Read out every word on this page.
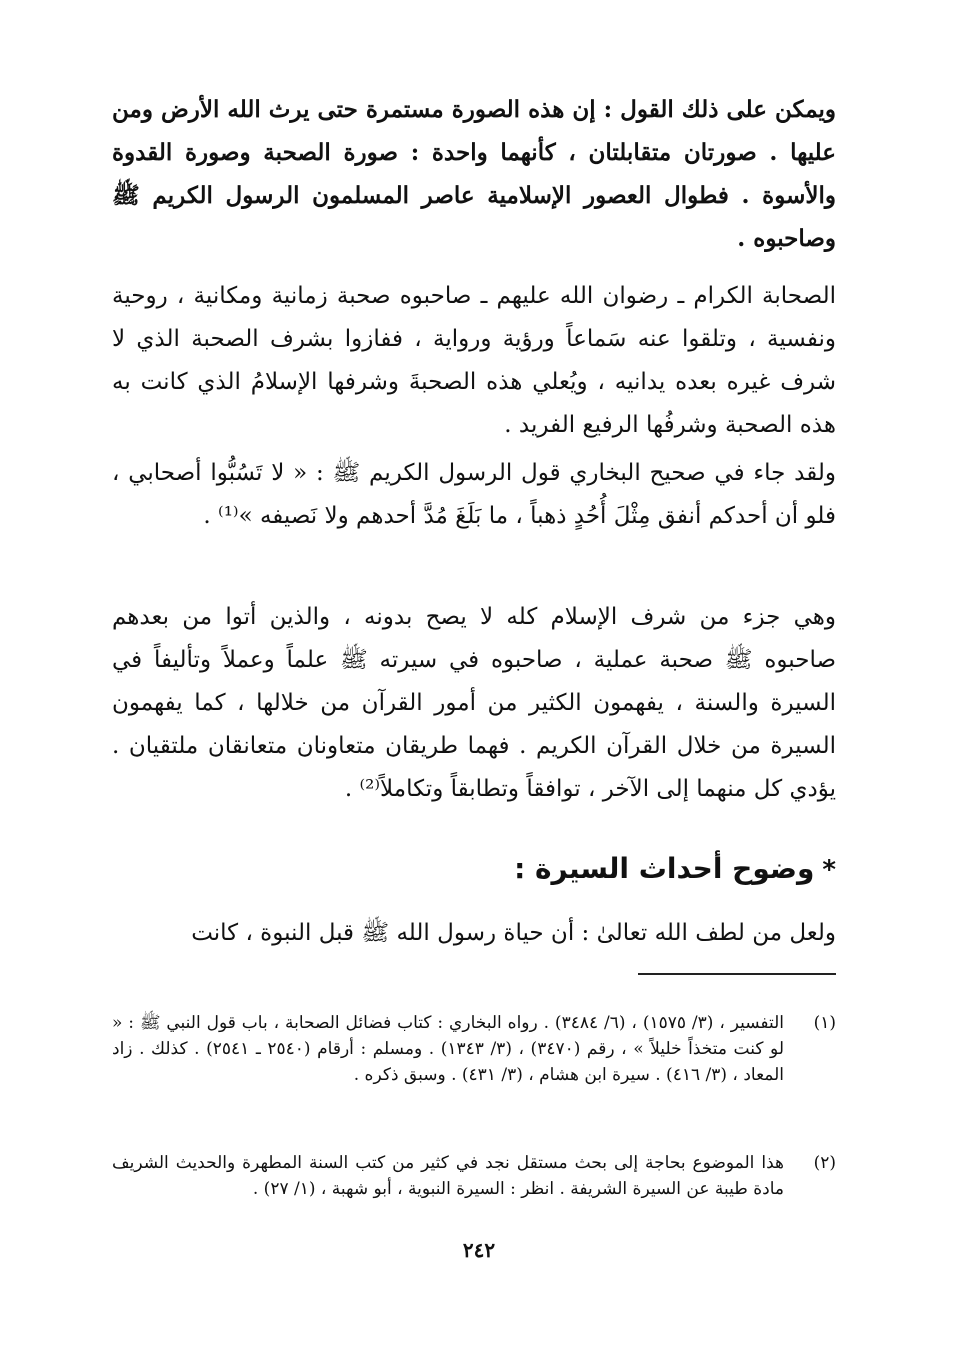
ويمكن على ذلك القول : إن هذه الصورة مستمرة حتى يرث الله الأرض ومن عليها . صورتان متقابلتان ، كأنهما واحدة : صورة الصحبة وصورة القدوة والأسوة . فطوال العصور الإسلامية عاصر المسلمون الرسول الكريم ﷺ وصاحبوه .

الصحابة الكرام ـ رضوان الله عليهم ـ صاحبوه صحبة زمانية ومكانية ، روحية ونفسية ، وتلقوا عنه سَماعاً ورؤية ورواية ، ففازوا بشرف الصحبة الذي لا شرف غيره بعده يدانيه ، ويُعلي هذه الصحبةَ وشرفها الإسلامُ الذي كانت به هذه الصحبة وشرفُها الرفيع الفريد .

ولقد جاء في صحيح البخاري قول الرسول الكريم ﷺ : « لا تَسُبُّوا أصحابي ، فلو أن أحدكم أنفق مِثْلَ أُحُدٍ ذهباً ، ما بَلَغَ مُدَّ أحدهم ولا نَصيفه »⁽¹⁾ .

وهي جزء من شرف الإسلام كله لا يصح بدونه ، والذين أتوا من بعدهم صاحبوه ﷺ صحبة عملية ، صاحبوه في سيرته ﷺ علماً وعملاً وتأليفاً في السيرة والسنة ، يفهمون الكثير من أمور القرآن من خلالها ، كما يفهمون السيرة من خلال القرآن الكريم . فهما طريقان متعاونان متعانقان ملتقيان . يؤدي كل منهما إلى الآخر ، توافقاً وتطابقاً وتكاملاً⁽²⁾ .

*وضوح أحداث السيرة :

ولعل من لطف الله تعالىٰ : أن حياة رسول الله ﷺ قبل النبوة ، كانت

(١)
التفسير ، (٣/ ١٥٧٥) ، (٦/ ٣٤٨٤) . رواه البخاري : كتاب فضائل الصحابة ، باب قول النبي ﷺ : « لو كنت متخذاً خليلاً » ، رقم (٣٤٧٠) ، (٣/ ١٣٤٣) . ومسلم : أرقام (٢٥٤٠ ـ ٢٥٤١) . كذلك . زاد المعاد ، (٣/ ٤١٦) . سيرة ابن هشام ، (٣/ ٤٣١) . وسبق ذكره .
(٢)
هذا الموضوع بحاجة إلى بحث مستقل نجد في كثير من كتب السنة المطهرة والحديث الشريف مادة طيبة عن السيرة الشريفة . انظر : السيرة النبوية ، أبو شهبة ، (١/ ٢٧) .

٢٤٢
